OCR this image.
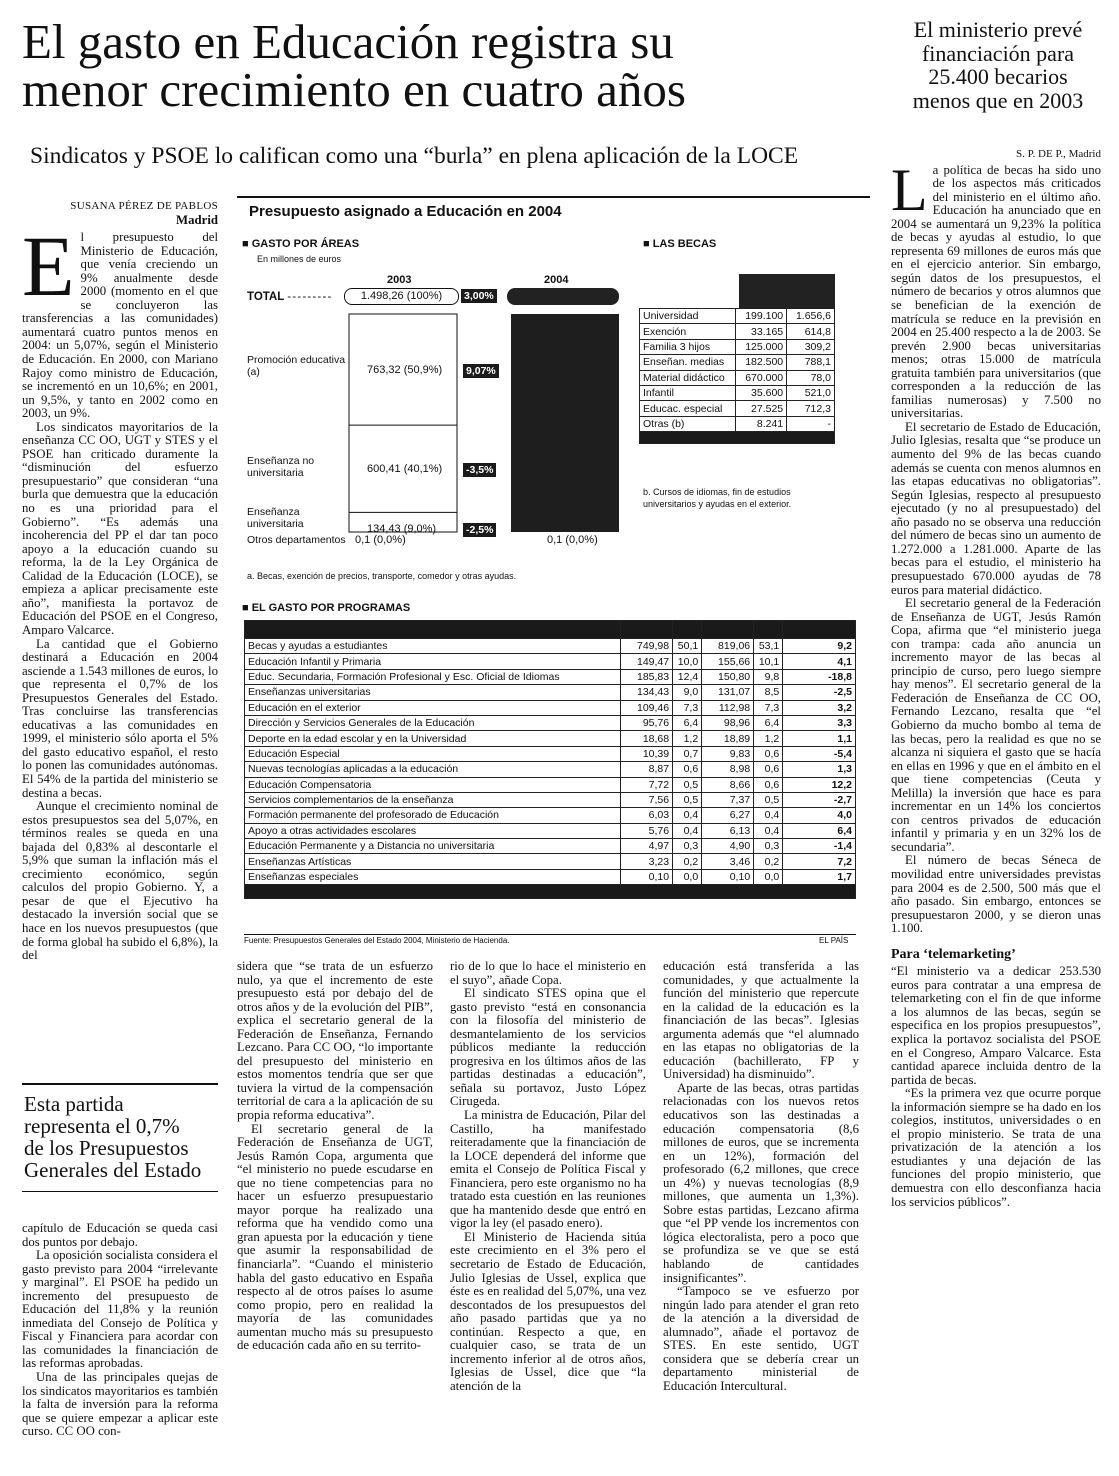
El gasto en Educación registra su
menor crecimiento en cuatro años
Sindicatos y PSOE lo califican como una “burla” en plena aplicación de la LOCE
El ministerio prevé
financiación para
25.400 becarios
menos que en 2003
SUSANA PÉREZ DE PABLOS
Madrid

El presupuesto del Ministerio de Educación, que venía creciendo un 9% anualmente desde 2000 (momento en el que se concluyeron las transferencias a las comunidades) aumentará cuatro puntos menos en 2004: un 5,07%, según el Ministerio de Educación. En 2000, con Mariano Rajoy como ministro de Educación, se incrementó en un 10,6%; en 2001, un 9,5%, y tanto en 2002 como en 2003, un 9%.

Los sindicatos mayoritarios de la enseñanza CC OO, UGT y STES y el PSOE han criticado duramente la “disminución del esfuerzo presupuestario” que consideran “una burla que demuestra que la educación no es una prioridad para el Gobierno”. “Es además una incoherencia del PP el dar tan poco apoyo a la educación cuando su reforma, la de la Ley Orgánica de Calidad de la Educación (LOCE), se empieza a aplicar precisamente este año”, manifiesta la portavoz de Educación del PSOE en el Congreso, Amparo Valcarce.

La cantidad que el Gobierno destinará a Educación en 2004 asciende a 1.543 millones de euros, lo que representa el 0,7% de los Presupuestos Generales del Estado. Tras concluirse las transferencias educativas a las comunidades en 1999, el ministerio sólo aporta el 5% del gasto educativo español, el resto lo ponen las comunidades autónomas. El 54% de la partida del ministerio se destina a becas.

Aunque el crecimiento nominal de estos presupuestos sea del 5,07%, en términos reales se queda en una bajada del 0,83% al descontarle el 5,9% que suman la inflación más el crecimiento económico, según calculos del propio Gobierno. Y, a pesar de que el Ejecutivo ha destacado la inversión social que se hace en los nuevos presupuestos (que de forma global ha subido el 6,8%), la del

Esta partida
representa el 0,7%
de los Presupuestos
Generales del Estado

capítulo de Educación se queda casi dos puntos por debajo.

La oposición socialista considera el gasto previsto para 2004 “irrelevante y marginal”. El PSOE ha pedido un incremento del presupuesto de Educación del 11,8% y la reunión inmediata del Consejo de Política y Fiscal y Financiera para acordar con las comunidades la financiación de las reformas aprobadas.

Una de las principales quejas de los sindicatos mayoritarios es también la falta de inversión para la reforma que se quiere empezar a aplicar este curso. CC OO con-

Presupuesto asignado a Educación en 2004
■ GASTO POR ÁREAS
En millones de euros
2003	2004
TOTAL - - - - - - - - -	1.498,26 (100%)	3,00%
Promoción educativa (a)	763,32 (50,9%) 9,07%
Enseñanza no universitaria	600,41 (40,1%) -3,5%
Enseñanza universitaria	134,43 (9,0%)	-2,5%
Otros departamentos 0,1 (0,0%)	0,1 (0,0%)
a. Becas, exención de precios, transporte, comedor y otras ayudas.
■ LAS BECAS
Universidad	199.100	1.656,6
Exención	33.165	614,8
Familia 3 hijos	125.000	309,2
Enseñan. medias	182.500	788,1
Material didáctico	670.000	78,0
Infantil	35.600	521,0
Educac. especial	27.525	712,3
Otras (b)	8.241	-

b. Cursos de idiomas, fin de estudios universitarios y ayudas en el exterior.
■ EL GASTO POR PROGRAMAS

Becas y ayudas a estudiantes	749,98	50,1	819,06	53,1	9,2
Educación Infantil y Primaria	149,47	10,0	155,66	10,1	4,1
Educ. Secundaria, Formación Profesional y Esc. Oficial de Idiomas	185,83	12,4	150,80	9,8	-18,8
Enseñanzas universitarias	134,43	9,0	131,07	8,5	-2,5
Educación en el exterior	109,46	7,3	112,98	7,3	3,2
Dirección y Servicios Generales de la Educación	95,76	6,4	98,96	6,4	3,3
Deporte en la edad escolar y en la Universidad	18,68	1,2	18,89	1,2	1,1
Educación Especial	10,39	0,7	9,83	0,6	-5,4
Nuevas tecnologías aplicadas a la educación	8,87	0,6	8,98	0,6	1,3
Educación Compensatoria	7,72	0,5	8,66	0,6	12,2
Servicios complementarios de la enseñanza	7,56	0,5	7,37	0,5	-2,7
Formación permanente del profesorado de Educación	6,03	0,4	6,27	0,4	4,0
Apoyo a otras actividades escolares	5,76	0,4	6,13	0,4	6,4
Educación Permanente y a Distancia no universitaria	4,97	0,3	4,90	0,3	-1,4
Enseñanzas Artísticas	3,23	0,2	3,46	0,2	7,2
Enseñanzas especiales	0,10	0,0	0,10	0,0	1,7

Fuente: Presupuestos Generales del Estado 2004, Ministerio de Hacienda.	EL PAÍS

sidera que “se trata de un esfuerzo nulo, ya que el incremento de este presupuesto está por debajo del de otros años y de la evolución del PIB”, explica el secretario general de la Federación de Enseñanza, Fernando Lezcano. Para CC OO, “lo importante del presupuesto del ministerio en estos momentos tendría que ser que tuviera la virtud de la compensación territorial de cara a la aplicación de su propia reforma educativa”.

El secretario general de la Federación de Enseñanza de UGT, Jesús Ramón Copa, argumenta que “el ministerio no puede escudarse en que no tiene competencias para no hacer un esfuerzo presupuestario mayor porque ha realizado una reforma que ha vendido como una gran apuesta por la educación y tiene que asumir la responsabilidad de financiarla”. “Cuando el ministerio habla del gasto educativo en España respecto al de otros países lo asume como propio, pero en realidad la mayoría de las comunidades aumentan mucho más su presupuesto de educación cada año en su territo-

rio de lo que lo hace el ministerio en el suyo”, añade Copa.

El sindicato STES opina que el gasto previsto “está en consonancia con la filosofía del ministerio de desmantelamiento de los servicios públicos mediante la reducción progresiva en los últimos años de las partidas destinadas a educación”, señala su portavoz, Justo López Cirugeda.

La ministra de Educación, Pilar del Castillo, ha manifestado reiteradamente que la financiación de la LOCE dependerá del informe que emita el Consejo de Política Fiscal y Financiera, pero este organismo no ha tratado esta cuestión en las reuniones que ha mantenido desde que entró en vigor la ley (el pasado enero).

El Ministerio de Hacienda sitúa este crecimiento en el 3% pero el secretario de Estado de Educación, Julio Iglesias de Ussel, explica que éste es en realidad del 5,07%, una vez descontados de los presupuestos del año pasado partidas que ya no continúan. Respecto a que, en cualquier caso, se trata de un incremento inferior al de otros años, Iglesias de Ussel, dice que “la atención de la

educación está transferida a las comunidades, y que actualmente la función del ministerio que repercute en la calidad de la educación es la financiación de las becas”. Iglesias argumenta además que “el alumnado en las etapas no obligatorias de la educación (bachillerato, FP y Universidad) ha disminuido”.

Aparte de las becas, otras partidas relacionadas con los nuevos retos educativos son las destinadas a educación compensatoria (8,6 millones de euros, que se incrementa en un 12%), formación del profesorado (6,2 millones, que crece un 4%) y nuevas tecnologías (8,9 millones, que aumenta un 1,3%). Sobre estas partidas, Lezcano afirma que “el PP vende los incrementos con lógica electoralista, pero a poco que se profundiza se ve que se está hablando de cantidades insignificantes”.

“Tampoco se ve esfuerzo por ningún lado para atender el gran reto de la atención a la diversidad de alumnado”, añade el portavoz de STES. En este sentido, UGT considera que se debería crear un departamento ministerial de Educación Intercultural.

S. P. DE P., Madrid

La política de becas ha sido uno de los aspectos más criticados del ministerio en el último año. Educación ha anunciado que en 2004 se aumentará un 9,23% la política de becas y ayudas al estudio, lo que representa 69 millones de euros más que en el ejercicio anterior. Sin embargo, según datos de los presupuestos, el número de becarios y otros alumnos que se benefician de la exención de matrícula se reduce en la previsión en 2004 en 25.400 respecto a la de 2003. Se prevén 2.900 becas universitarias menos; otras 15.000 de matrícula gratuita también para universitarios (que corresponden a la reducción de las familias numerosas) y 7.500 no universitarias.

El secretario de Estado de Educación, Julio Iglesias, resalta que “se produce un aumento del 9% de las becas cuando además se cuenta con menos alumnos en las etapas educativas no obligatorias”. Según Iglesias, respecto al presupuesto ejecutado (y no al presupuestado) del año pasado no se observa una reducción del número de becas sino un aumento de 1.272.000 a 1.281.000. Aparte de las becas para el estudio, el ministerio ha presupuestado 670.000 ayudas de 78 euros para material didáctico.

El secretario general de la Federación de Enseñanza de UGT, Jesús Ramón Copa, afirma que “el ministerio juega con trampa: cada año anuncia un incremento mayor de las becas al principio de curso, pero luego siempre hay menos”. El secretario general de la Federación de Enseñanza de CC OO, Fernando Lezcano, resalta que “el Gobierno da mucho bombo al tema de las becas, pero la realidad es que no se alcanza ni siquiera el gasto que se hacía en ellas en 1996 y que en el ámbito en el que tiene competencias (Ceuta y Melilla) la inversión que hace es para incrementar en un 14% los conciertos con centros privados de educación infantil y primaria y en un 32% los de secundaria”.

El número de becas Séneca de movilidad entre universidades previstas para 2004 es de 2.500, 500 más que el año pasado. Sin embargo, entonces se presupuestaron 2000, y se dieron unas 1.100.

Para ‘telemarketing’

“El ministerio va a dedicar 253.530 euros para contratar a una empresa de telemarketing con el fin de que informe a los alumnos de las becas, según se especifica en los propios presupuestos”, explica la portavoz socialista del PSOE en el Congreso, Amparo Valcarce. Esta cantidad aparece incluida dentro de la partida de becas.

“Es la primera vez que ocurre porque la información siempre se ha dado en los colegios, institutos, universidades o en el propio ministerio. Se trata de una privatización de la atención a los estudiantes y una dejación de las funciones del propio ministerio, que demuestra con ello desconfianza hacia los servicios públicos”.
